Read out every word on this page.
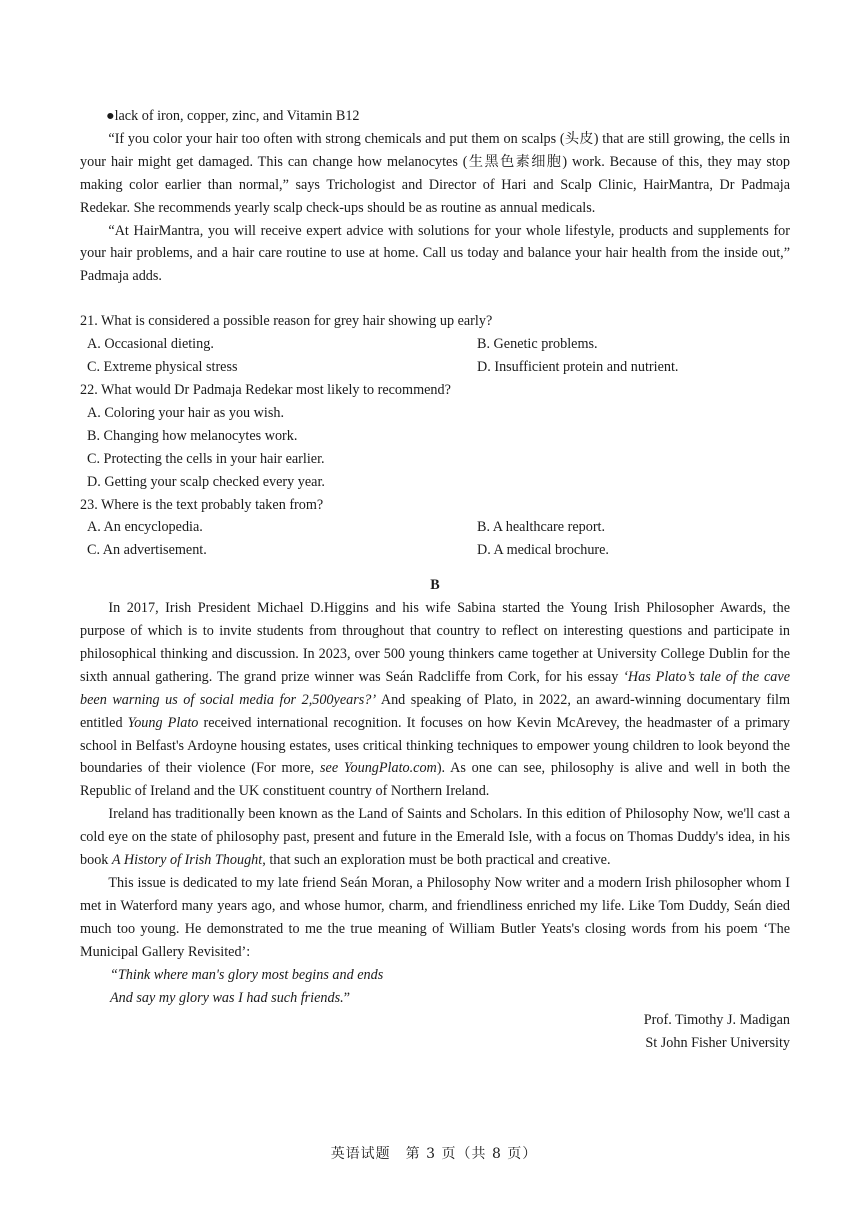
●lack of iron, copper, zinc, and Vitamin B12

“If you color your hair too often with strong chemicals and put them on scalps (头皮) that are still growing, the cells in your hair might get damaged. This can change how melanocytes (生黑色素细胞) work. Because of this, they may stop making color earlier than normal,” says Trichologist and Director of Hari and Scalp Clinic, HairMantra, Dr Padmaja Redekar. She recommends yearly scalp check-ups should be as routine as annual medicals.

“At HairMantra, you will receive expert advice with solutions for your whole lifestyle, products and supplements for your hair problems, and a hair care routine to use at home. Call us today and balance your hair health from the inside out,” Padmaja adds.

21. What is considered a possible reason for grey hair showing up early?

A. Occasional dieting.	B. Genetic problems.
C. Extreme physical stress	D. Insufficient protein and nutrient.

22. What would Dr Padmaja Redekar most likely to recommend?

A. Coloring your hair as you wish.
B. Changing how melanocytes work.
C. Protecting the cells in your hair earlier.
D. Getting your scalp checked every year.

23. Where is the text probably taken from?

A. An encyclopedia.	B. A healthcare report.
C. An advertisement.	D. A medical brochure.
B

In 2017, Irish President Michael D.Higgins and his wife Sabina started the Young Irish Philosopher Awards, the purpose of which is to invite students from throughout that country to reflect on interesting questions and participate in philosophical thinking and discussion. In 2023, over 500 young thinkers came together at University College Dublin for the sixth annual gathering. The grand prize winner was Seán Radcliffe from Cork, for his essay ‘Has Plato’s tale of the cave been warning us of social media for 2,500years?’ And speaking of Plato, in 2022, an award-winning documentary film entitled Young Plato received international recognition. It focuses on how Kevin McArevey, the headmaster of a primary school in Belfast's Ardoyne housing estates, uses critical thinking techniques to empower young children to look beyond the boundaries of their violence (For more, see YoungPlato.com). As one can see, philosophy is alive and well in both the Republic of Ireland and the UK constituent country of Northern Ireland.

Ireland has traditionally been known as the Land of Saints and Scholars. In this edition of Philosophy Now, we'll cast a cold eye on the state of philosophy past, present and future in the Emerald Isle, with a focus on Thomas Duddy's idea, in his book A History of Irish Thought, that such an exploration must be both practical and creative.

This issue is dedicated to my late friend Seán Moran, a Philosophy Now writer and a modern Irish philosopher whom I met in Waterford many years ago, and whose humor, charm, and friendliness enriched my life. Like Tom Duddy, Seán died much too young. He demonstrated to me the true meaning of William Butler Yeats's closing words from his poem ‘The Municipal Gallery Revisited’:

“Think where man's glory most begins and ends

And say my glory was I had such friends.”

Prof. Timothy J. Madigan
St John Fisher University
英语试题　第 3 页（共 8 页）
